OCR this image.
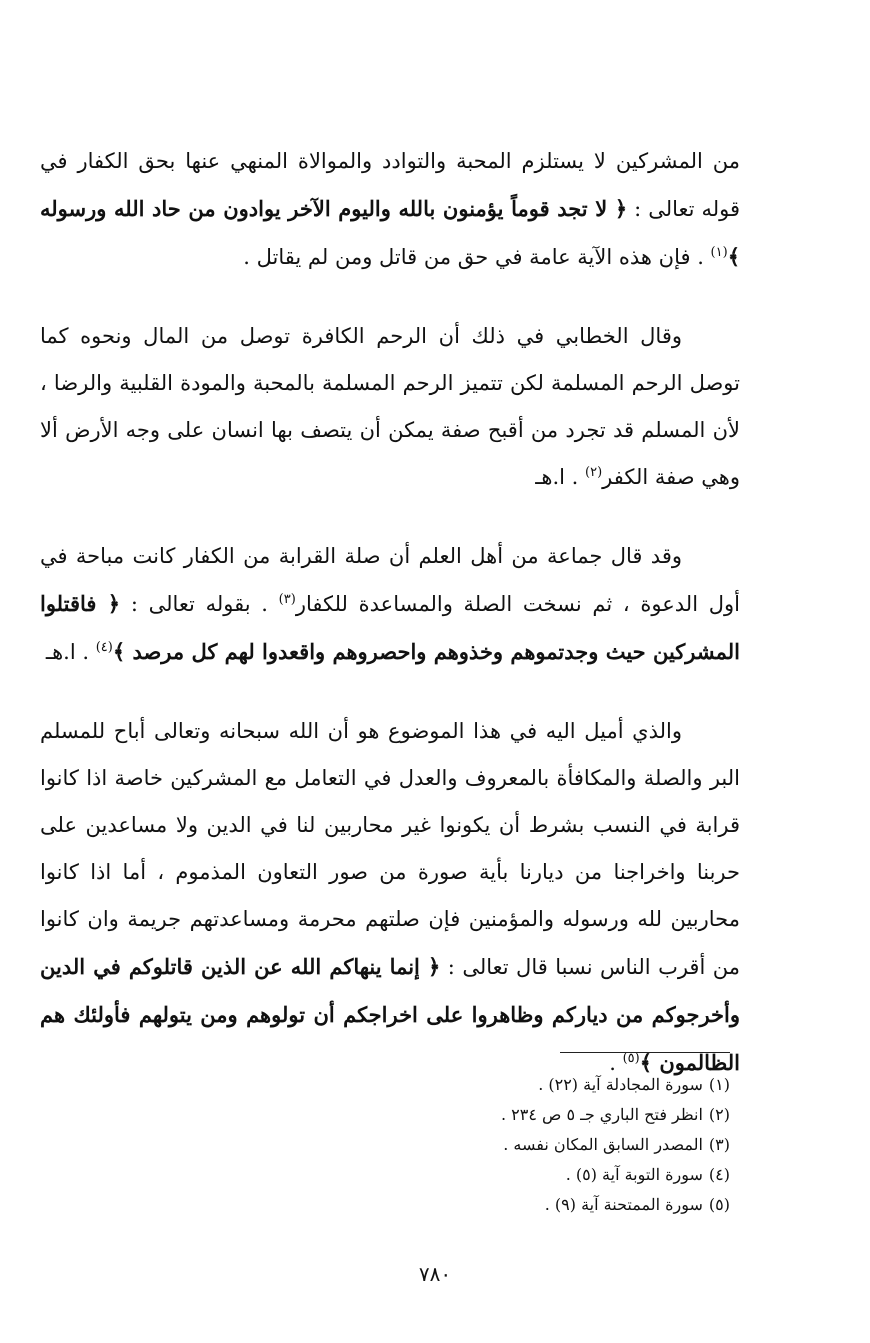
من المشركين لا يستلزم المحبة والتوادد والموالاة المنهي عنها بحق الكفار في قوله تعالى : ﴿ لا تجد قوماً يؤمنون بالله واليوم الآخر يوادون من حاد الله ورسوله ﴾$^{(١)}$ . فإن هذه الآية عامة في حق من قاتل ومن لم يقاتل .

وقال الخطابي في ذلك أن الرحم الكافرة توصل من المال ونحوه كما توصل الرحم المسلمة لكن تتميز الرحم المسلمة بالمحبة والمودة القلبية والرضا ، لأن المسلم قد تجرد من أقبح صفة يمكن أن يتصف بها انسان على وجه الأرض ألا وهي صفة الكفر$^{(٢)}$ . ا.هـ

وقد قال جماعة من أهل العلم أن صلة القرابة من الكفار كانت مباحة في أول الدعوة ، ثم نسخت الصلة والمساعدة للكفار$^{(٣)}$ . بقوله تعالى : ﴿ فاقتلوا المشركين حيث وجدتموهم وخذوهم واحصروهم واقعدوا لهم كل مرصد ﴾$^{(٤)}$ . ا.هـ

والذي أميل اليه في هذا الموضوع هو أن الله سبحانه وتعالى أباح للمسلم البر والصلة والمكافأة بالمعروف والعدل في التعامل مع المشركين خاصة اذا كانوا قرابة في النسب بشرط أن يكونوا غير محاربين لنا في الدين ولا مساعدين على حربنا واخراجنا من ديارنا بأية صورة من صور التعاون المذموم ، أما اذا كانوا محاربين لله ورسوله والمؤمنين فإن صلتهم محرمة ومساعدتهم جريمة وان كانوا من أقرب الناس نسبا قال تعالى : ﴿ إنما ينهاكم الله عن الذين قاتلوكم في الدين وأخرجوكم من دياركم وظاهروا على اخراجكم أن تولوهم ومن يتولهم فأولئك هم الظالمون ﴾$^{(٥)}$ .

(١)سورة المجادلة آية (٢٢) .

(٢)انظر فتح الباري جـ ٥ ص ٢٣٤ .

(٣)المصدر السابق المكان نفسه .

(٤)سورة التوبة آية (٥) .

(٥)سورة الممتحنة آية (٩) .

٧٨٠
